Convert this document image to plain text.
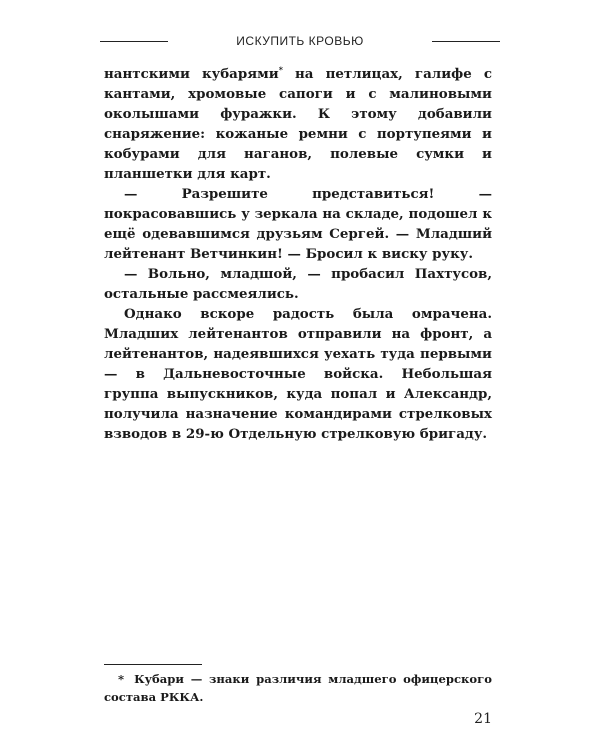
ИСКУПИТЬ КРОВЬЮ

нантскими кубарями* на петлицах, галифе с кантами, хромовые сапоги и с малиновыми околышами фуражки. К этому добавили снаряжение: кожаные ремни с портупеями и кобурами для наганов, полевые сумки и планшетки для карт.

— Разрешите представиться! — покрасовавшись у зеркала на складе, подошел к ещё одевавшимся друзьям Сергей. — Младший лейтенант Ветчинкин! — Бросил к виску руку.

— Вольно, младшой, — пробасил Пахтусов, остальные рассмеялись.

Однако вскоре радость была омрачена. Младших лейтенантов отправили на фронт, а лейтенантов, надеявшихся уехать туда первыми — в Дальневосточные войска. Небольшая группа выпускников, куда попал и Александр, получила назначение командирами стрелковых взводов в 29-ю Отдельную стрелковую бригаду.

* Кубари — знаки различия младшего офицерского состава РККА.
21
